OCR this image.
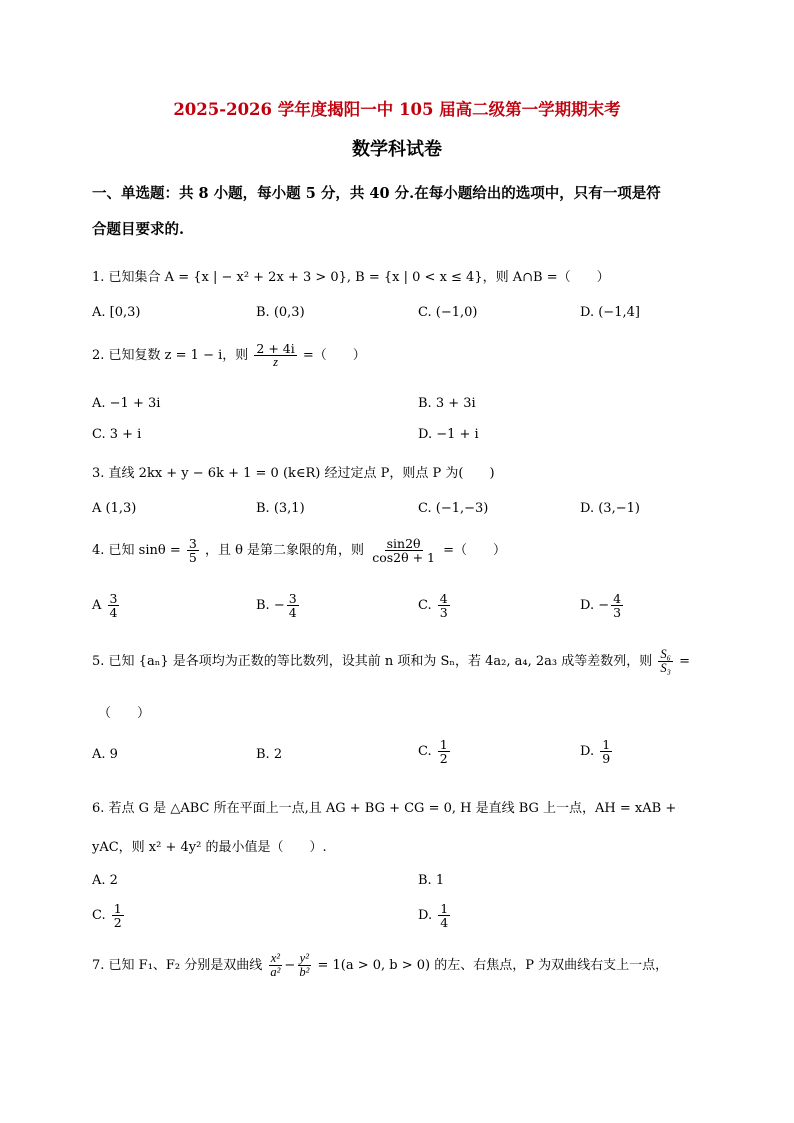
2025-2026 学年度揭阳一中 105 届高二级第一学期期末考
数学科试卷
一、单选题：共 8 小题，每小题 5 分，共 40 分.在每小题给出的选项中，只有一项是符
合题目要求的.
1. 已知集合 A = {x | − x² + 2x + 3 > 0}, B = {x | 0 < x ≤ 4}，则 A∩B =（　　）
A. [0,3)	B. (0,3)	C. (−1,0)	D. (−1,4]
2. 已知复数 z = 1 − i，则 $\frac{2 + 4i}{z}$ =（　　）
A. −1 + 3i	B. 3 + 3i
C. 3 + i	D. −1 + i
3. 直线 2kx + y − 6k + 1 = 0 (k∈R) 经过定点 P，则点 P 为(　　)
A (1,3)	B. (3,1)	C. (−1,−3)	D. (3,−1)
4. 已知 $\sin\theta = \frac{3}{5}$ ，且 θ 是第二象限的角，则 $\frac{\sin 2\theta}{\cos 2\theta + 1}$ =（　　）
A $\frac{3}{4}$	B. − $\frac{3}{4}$	C. $\frac{4}{3}$	D. − $\frac{4}{3}$
5. 已知 {aₙ} 是各项均为正数的等比数列，设其前 n 项和为 Sₙ，若 4a₂, a₄, 2a₃ 成等差数列，则 $\frac{\text{S₆}}{\text{S₃}}$ =
（　　）
A. 9	B. 2	C. $\frac{1}{2}$	D. $\frac{1}{9}$
6. 若点 G 是 △ABC 所在平面上一点,且 AG + BG + CG = 0, H 是直线 BG 上一点，AH = xAB +
yAC，则 x² + 4y² 的最小值是（　　）.
A. 2	B. 1
C. $\frac{1}{2}$	D. $\frac{1}{4}$
7. 已知 F₁、F₂ 分别是双曲线 $\frac{\text{x²}}{\text{a²}} - \frac{\text{y²}}{\text{b²}} = 1(a > 0$, b > 0) 的左、右焦点，P 为双曲线右支上一点，
